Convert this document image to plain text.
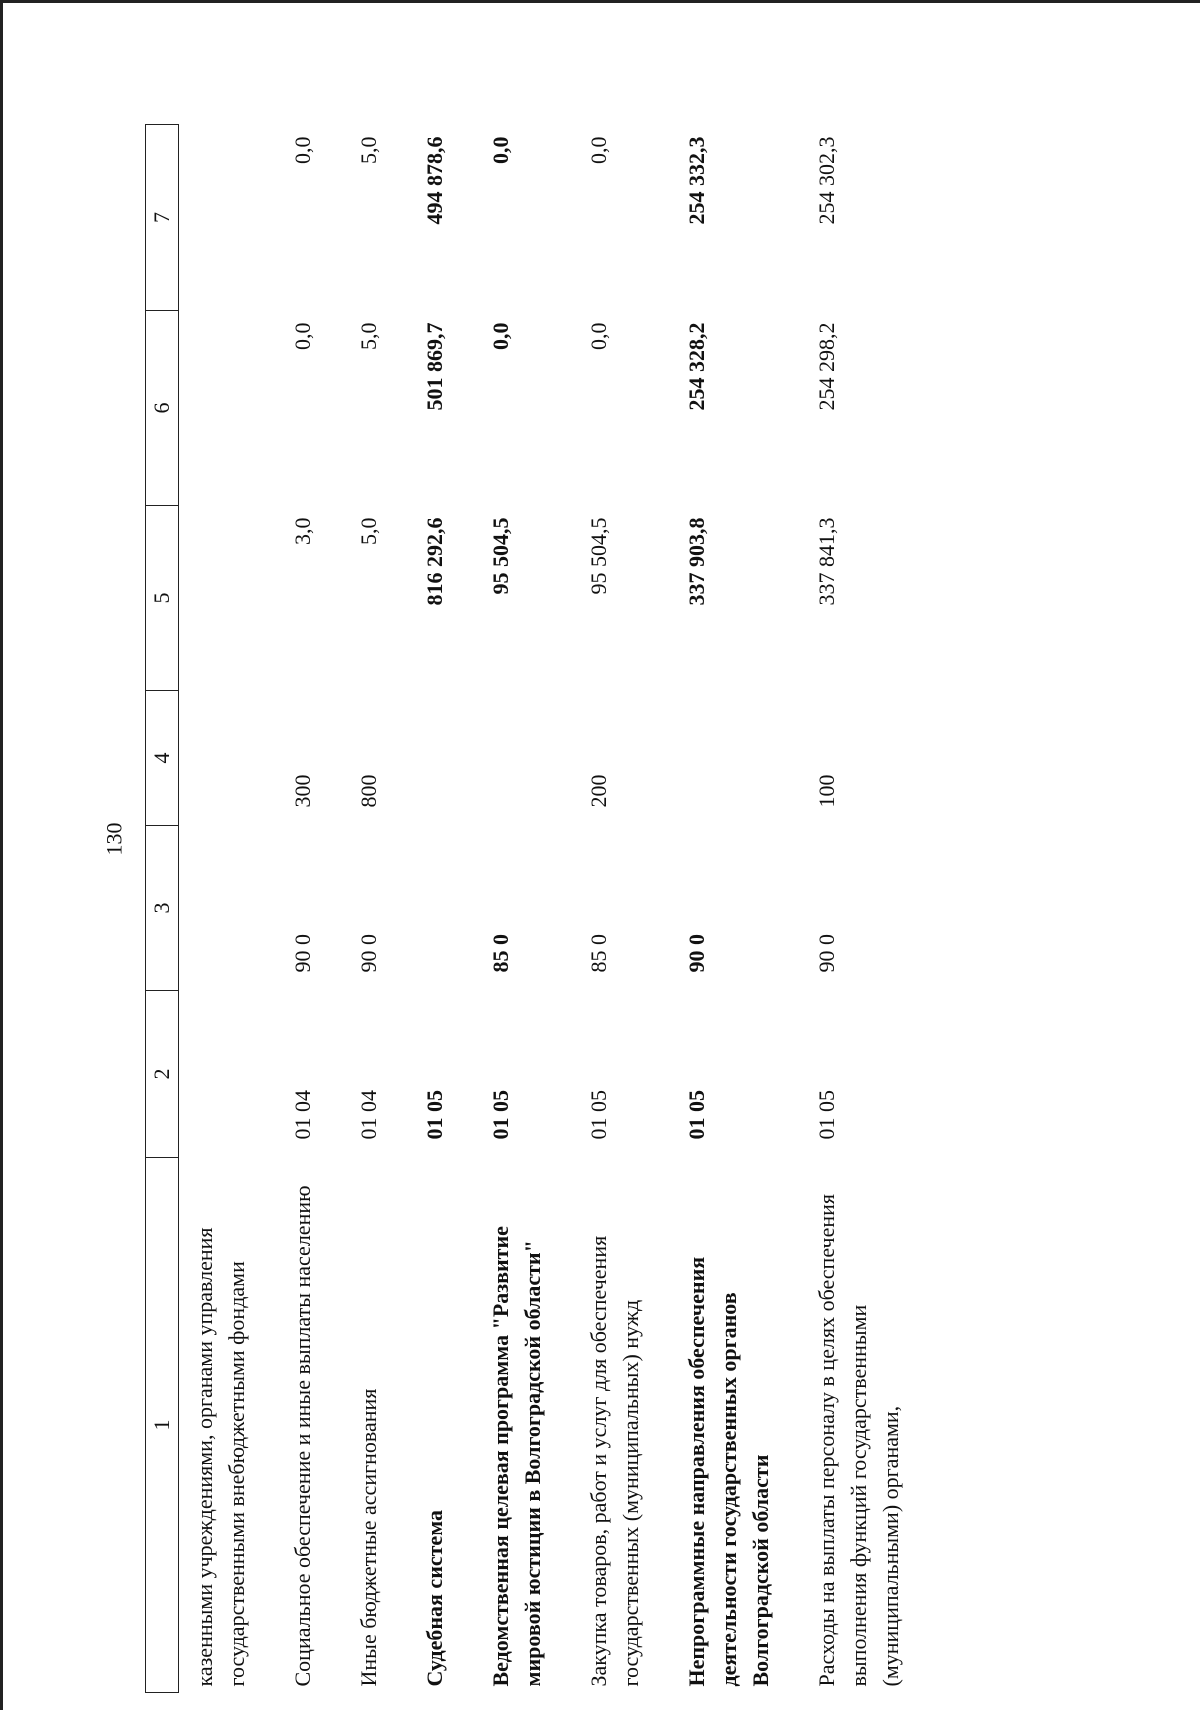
130
1	2	3	4	5	6	7
казенными учреждениями, органами управления государственными внебюджетными фондами						
Социальное обеспечение и иные выплаты населению	01 04	90 0	300	3,0	0,0	0,0
Иные бюджетные ассигнования	01 04	90 0	800	5,0	5,0	5,0
Судебная система	01 05			816 292,6	501 869,7	494 878,6
Ведомственная целевая программа "Развитие мировой юстиции в Волгоградской области"	01 05	85 0		95 504,5	0,0	0,0
Закупка товаров, работ и услуг для обеспечения государственных (муниципальных) нужд	01 05	85 0	200	95 504,5	0,0	0,0
Непрограммные направления обеспечения деятельности государственных органов Волгоградской области	01 05	90 0		337 903,8	254 328,2	254 332,3
Расходы на выплаты персоналу в целях обеспечения выполнения функций государственными (муниципальными) органами,	01 05	90 0	100	337 841,3	254 298,2	254 302,3
